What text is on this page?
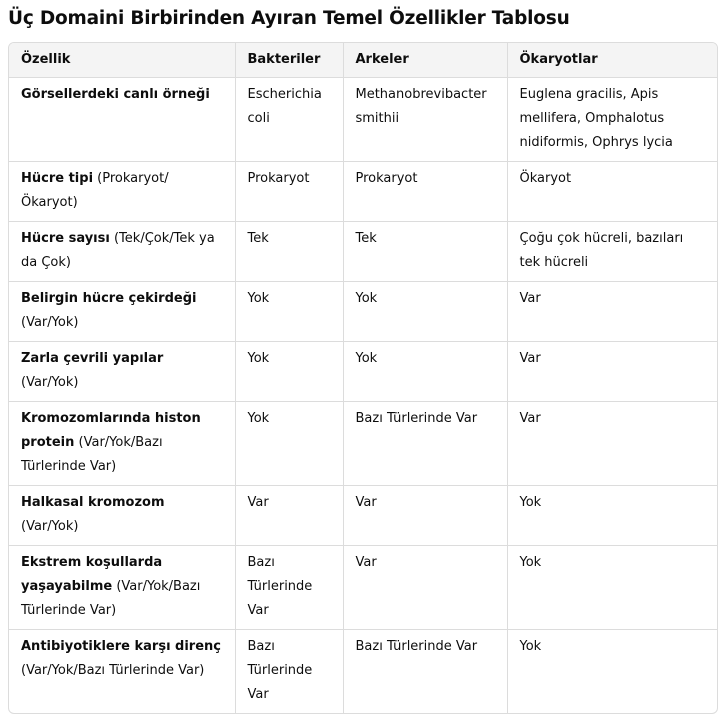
Üç Domaini Birbirinden Ayıran Temel Özellikler Tablosu
Özellik	Bakteriler	Arkeler	Ökaryotlar
Görsellerdeki canlı örneği	Escherichia coli	Methanobrevibacter smithii	Euglena gracilis, Apis mellifera, Omphalotus nidiformis, Ophrys lycia
Hücre tipi (Prokaryot/Ökaryot)	Prokaryot	Prokaryot	Ökaryot
Hücre sayısı (Tek/Çok/Tek ya da Çok)	Tek	Tek	Çoğu çok hücreli, bazıları tek hücreli
Belirgin hücre çekirdeği (Var/Yok)	Yok	Yok	Var
Zarla çevrili yapılar (Var/Yok)	Yok	Yok	Var
Kromozomlarında histon protein (Var/Yok/Bazı Türlerinde Var)	Yok	Bazı Türlerinde Var	Var
Halkasal kromozom (Var/Yok)	Var	Var	Yok
Ekstrem koşullarda yaşayabilme (Var/Yok/Bazı Türlerinde Var)	Bazı Türlerinde Var	Var	Yok
Antibiyotiklere karşı direnç (Var/Yok/Bazı Türlerinde Var)	Bazı Türlerinde Var	Bazı Türlerinde Var	Yok
